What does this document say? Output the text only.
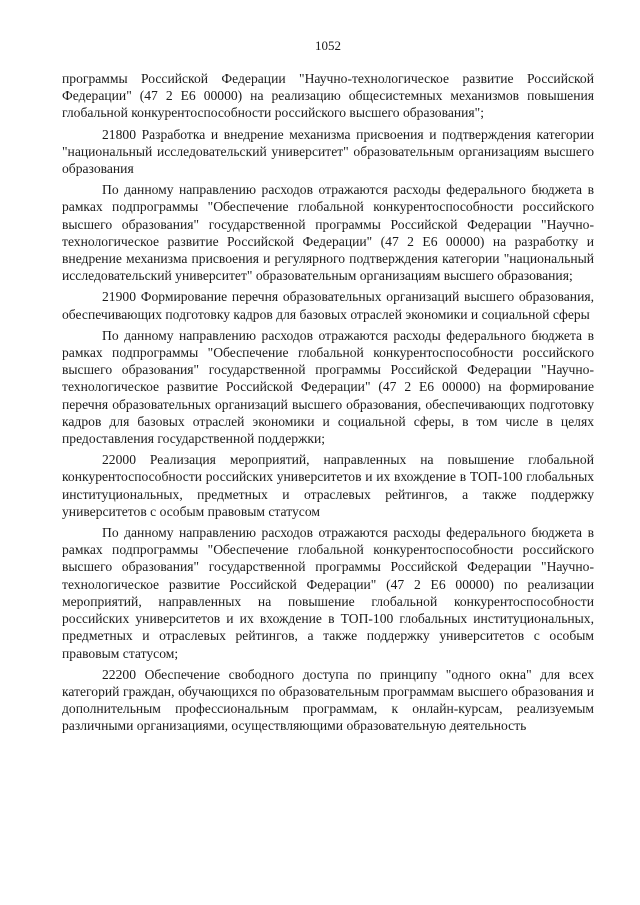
1052

программы Российской Федерации "Научно-технологическое развитие Российской Федерации" (47 2 Е6 00000) на реализацию общесистемных механизмов повышения глобальной конкурентоспособности российского высшего образования";

21800 Разработка и внедрение механизма присвоения и подтверждения категории "национальный исследовательский университет" образовательным организациям высшего образования

По данному направлению расходов отражаются расходы федерального бюджета в рамках подпрограммы "Обеспечение глобальной конкурентоспособности российского высшего образования" государственной программы Российской Федерации "Научно-технологическое развитие Российской Федерации" (47 2 Е6 00000) на разработку и внедрение механизма присвоения и регулярного подтверждения категории "национальный исследовательский университет" образовательным организациям высшего образования;

21900 Формирование перечня образовательных организаций высшего образования, обеспечивающих подготовку кадров для базовых отраслей экономики и социальной сферы

По данному направлению расходов отражаются расходы федерального бюджета в рамках подпрограммы "Обеспечение глобальной конкурентоспособности российского высшего образования" государственной программы Российской Федерации "Научно-технологическое развитие Российской Федерации" (47 2 Е6 00000) на формирование перечня образовательных организаций высшего образования, обеспечивающих подготовку кадров для базовых отраслей экономики и социальной сферы, в том числе в целях предоставления государственной поддержки;

22000 Реализация мероприятий, направленных на повышение глобальной конкурентоспособности российских университетов и их вхождение в ТОП-100 глобальных институциональных, предметных и отраслевых рейтингов, а также поддержку университетов с особым правовым статусом

По данному направлению расходов отражаются расходы федерального бюджета в рамках подпрограммы "Обеспечение глобальной конкурентоспособности российского высшего образования" государственной программы Российской Федерации "Научно-технологическое развитие Российской Федерации" (47 2 Е6 00000) по реализации мероприятий, направленных на повышение глобальной конкурентоспособности российских университетов и их вхождение в ТОП-100 глобальных институциональных, предметных и отраслевых рейтингов, а также поддержку университетов с особым правовым статусом;

22200 Обеспечение свободного доступа по принципу "одного окна" для всех категорий граждан, обучающихся по образовательным программам высшего образования и дополнительным профессиональным программам, к онлайн-курсам, реализуемым различными организациями, осуществляющими образовательную деятельность
